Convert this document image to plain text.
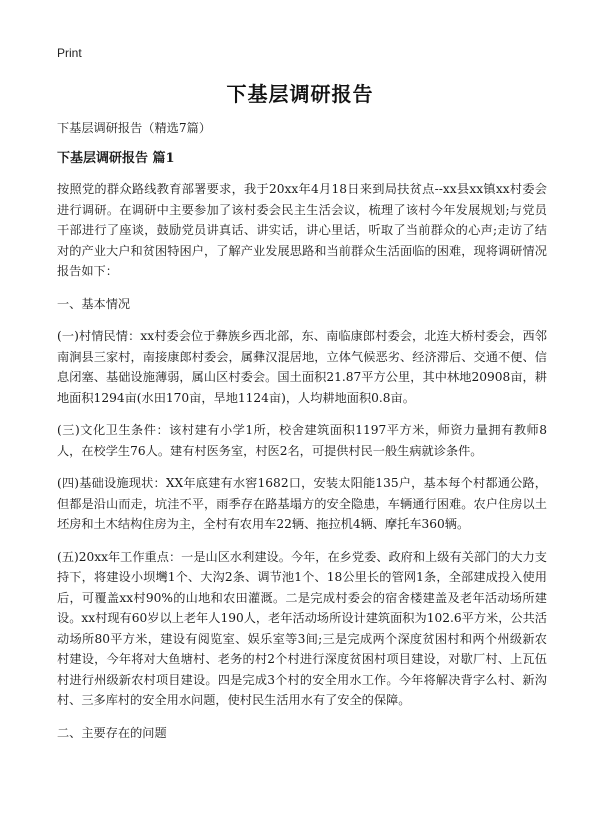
Print
下基层调研报告

下基层调研报告（精选7篇）

下基层调研报告 篇1

按照党的群众路线教育部署要求，我于20xx年4月18日来到局扶贫点--xx县xx镇xx村委会进行调研。在调研中主要参加了该村委会民主生活会议，梳理了该村今年发展规划;与党员干部进行了座谈，鼓励党员讲真话、讲实话，讲心里话，听取了当前群众的心声;走访了结对的产业大户和贫困特困户，了解产业发展思路和当前群众生活面临的困难，现将调研情况报告如下：

一、基本情况

(一)村情民情：xx村委会位于彝族乡西北部，东、南临康郎村委会，北连大桥村委会，西邻南涧县三家村，南接康郎村委会，属彝汉混居地，立体气候恶劣、经济滞后、交通不便、信息闭塞、基础设施薄弱，属山区村委会。国土面积21.87平方公里，其中林地20908亩，耕地面积1294亩(水田170亩，旱地1124亩)，人均耕地面积0.8亩。

(三)文化卫生条件：该村建有小学1所，校舍建筑面积1197平方米，师资力量拥有教师8人，在校学生76人。建有村医务室，村医2名，可提供村民一般生病就诊条件。

(四)基础设施现状：XX年底建有水窖1682口，安装太阳能135户，基本每个村都通公路，但都是沿山而走，坑洼不平，雨季存在路基塌方的安全隐患，车辆通行困难。农户住房以土坯房和土木结构住房为主，全村有农用车22辆、拖拉机4辆、摩托车360辆。

(五)20xx年工作重点：一是山区水利建设。今年，在乡党委、政府和上级有关部门的大力支持下，将建设小坝壪1个、大沟2条、调节池1个、18公里长的管网1条，全部建成投入使用后，可覆盖xx村90%的山地和农田灌溉。二是完成村委会的宿舍楼建盖及老年活动场所建设。xx村现有60岁以上老年人190人，老年活动场所设计建筑面积为102.6平方米，公共活动场所80平方米，建设有阅览室、娱乐室等3间;三是完成两个深度贫困村和两个州级新农村建设，今年将对大鱼塘村、老务的村2个村进行深度贫困村项目建设，对歇厂村、上瓦伍村进行州级新农村项目建设。四是完成3个村的安全用水工作。今年将解决背字么村、新沟村、三多库村的安全用水问题，使村民生活用水有了安全的保障。

二、主要存在的问题
